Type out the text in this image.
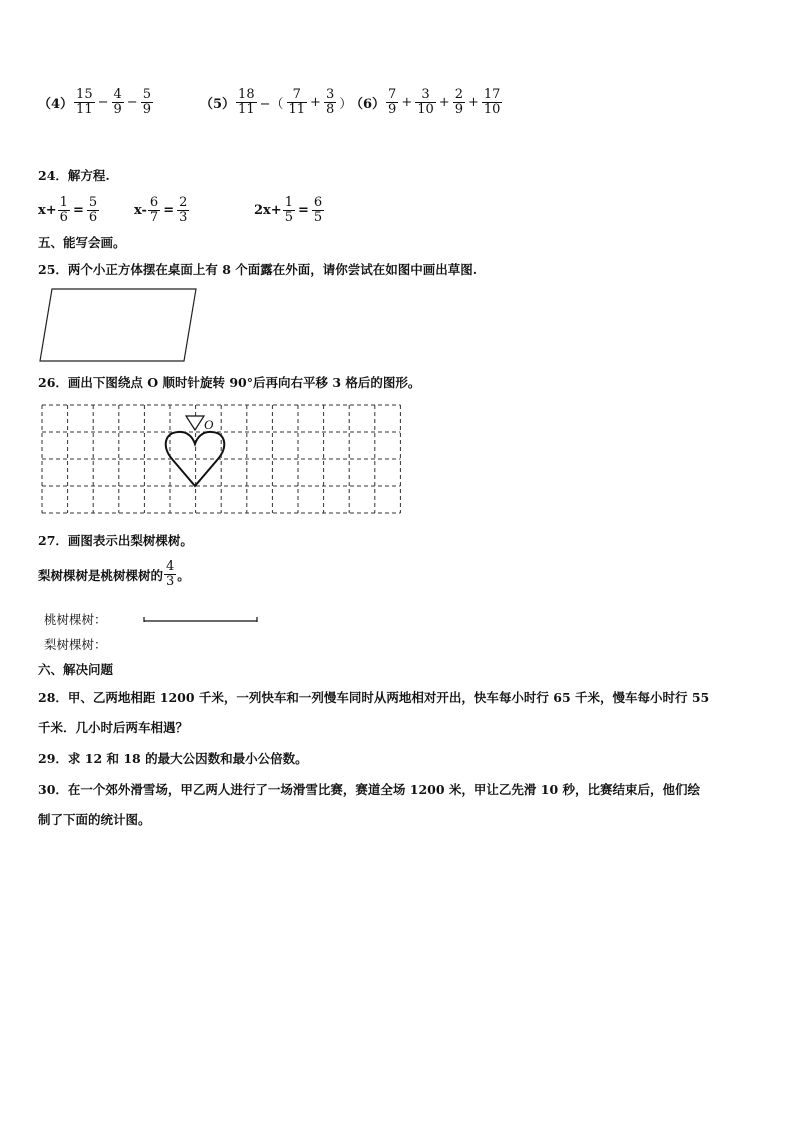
$(4) \frac{15}{11} - \frac{4}{9} - \frac{5}{9}$	$(5) \frac{18}{11}$ −（ $\frac{7}{11} + \frac{3}{8}$ ）
$(6) \frac{7}{9} + \frac{3}{10} + \frac{2}{9} + \frac{17}{10}$
24．解方程.
$x+ \frac{1}{6} = \frac{5}{6}$	$x- \frac{6}{7} = \frac{2}{3}$	$2x+ \frac{1}{5} = \frac{6}{5}$
五、能写会画。
25．两个小正方体摆在桌面上有 8 个面露在外面，请你尝试在如图中画出草图.
26．画出下图绕点 O 顺时针旋转 90°后再向右平移 3 格后的图形。
O
27．画图表示出梨树棵树。
梨树棵树是桃树棵树的 $\frac{4}{3}$ 。
桃树棵树：
梨树棵树：
六、解决问题
28．甲、乙两地相距 1200 千米，一列快车和一列慢车同时从两地相对开出，快车每小时行 65 千米，慢车每小时行 55
千米．几小时后两车相遇？
29．求 12 和 18 的最大公因数和最小公倍数。
30．在一个郊外滑雪场，甲乙两人进行了一场滑雪比赛，赛道全场 1200 米，甲让乙先滑 10 秒，比赛结束后，他们绘
制了下面的统计图。
